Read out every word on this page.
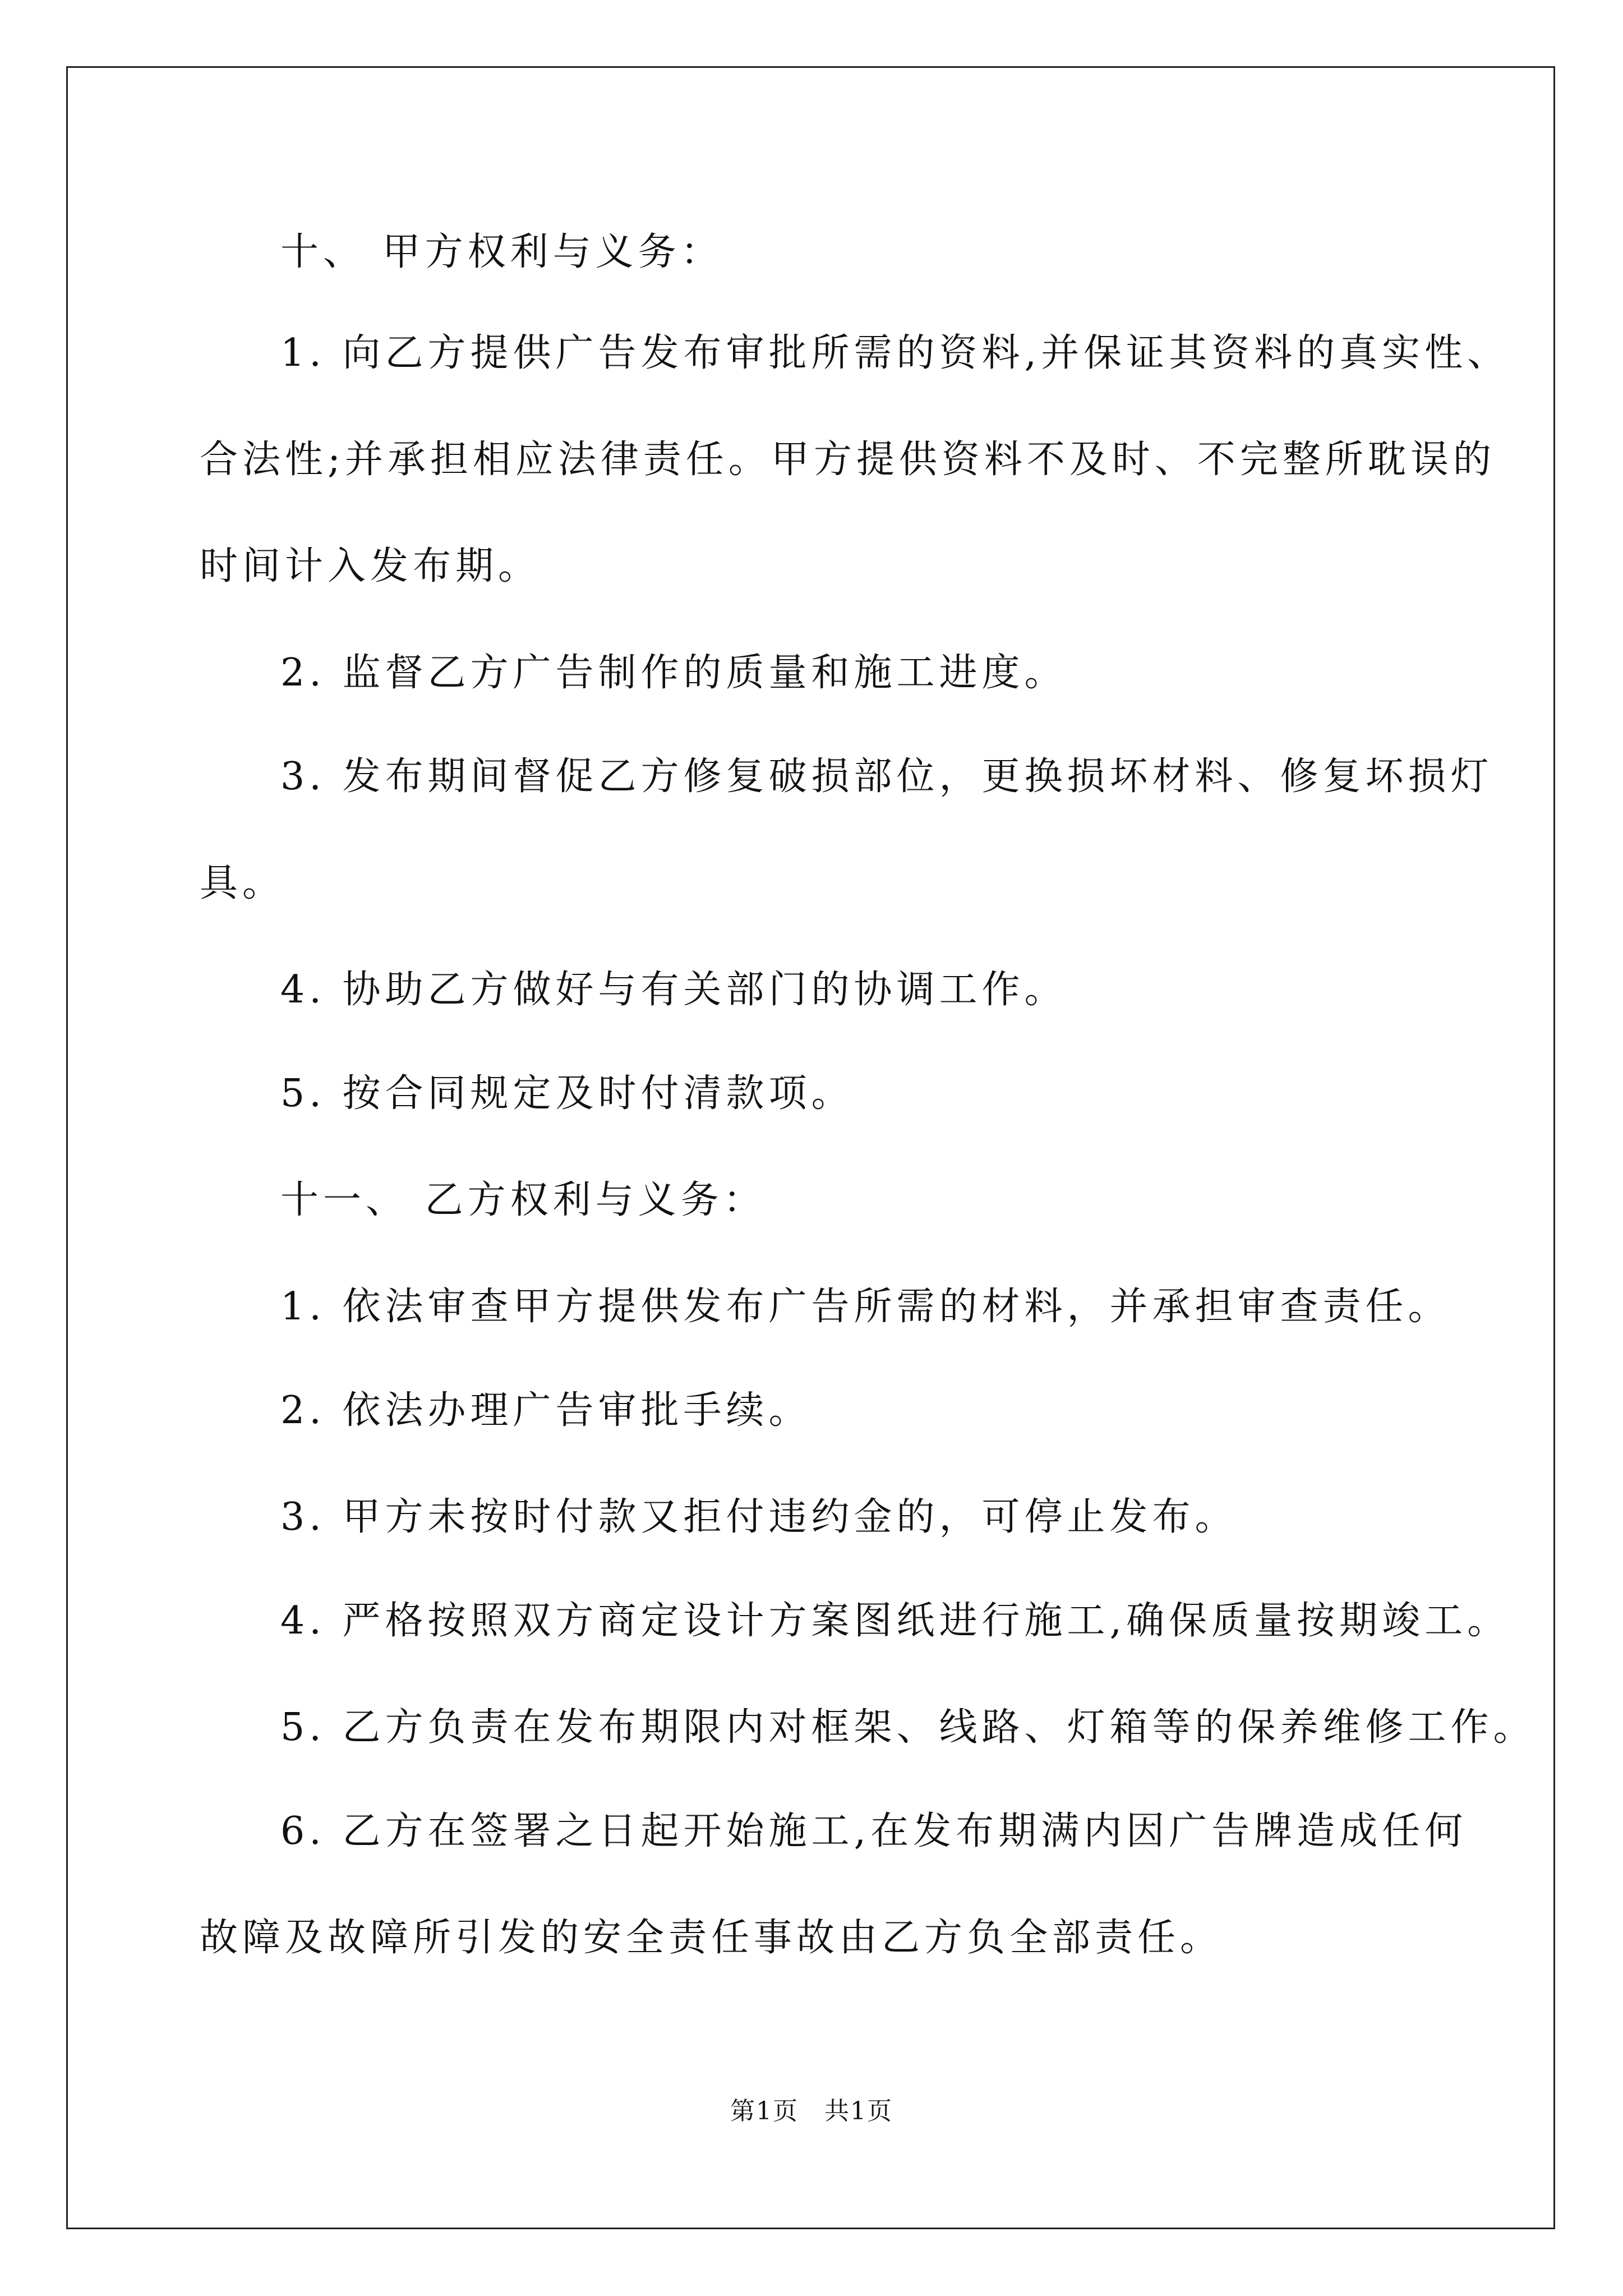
十、 甲方权利与义务：
1. 向乙方提供广告发布审批所需的资料,并保证其资料的真实性、
合法性;并承担相应法律责任。甲方提供资料不及时、不完整所耽误的
时间计入发布期。
2. 监督乙方广告制作的质量和施工进度。
3. 发布期间督促乙方修复破损部位，更换损坏材料、修复坏损灯
具。
4. 协助乙方做好与有关部门的协调工作。
5. 按合同规定及时付清款项。
十一、 乙方权利与义务：
1. 依法审查甲方提供发布广告所需的材料，并承担审查责任。
2. 依法办理广告审批手续。
3. 甲方未按时付款又拒付违约金的，可停止发布。
4. 严格按照双方商定设计方案图纸进行施工,确保质量按期竣工。
5. 乙方负责在发布期限内对框架、线路、灯箱等的保养维修工作。
6. 乙方在签署之日起开始施工,在发布期满内因广告牌造成任何
故障及故障所引发的安全责任事故由乙方负全部责任。
第1页　共1页
